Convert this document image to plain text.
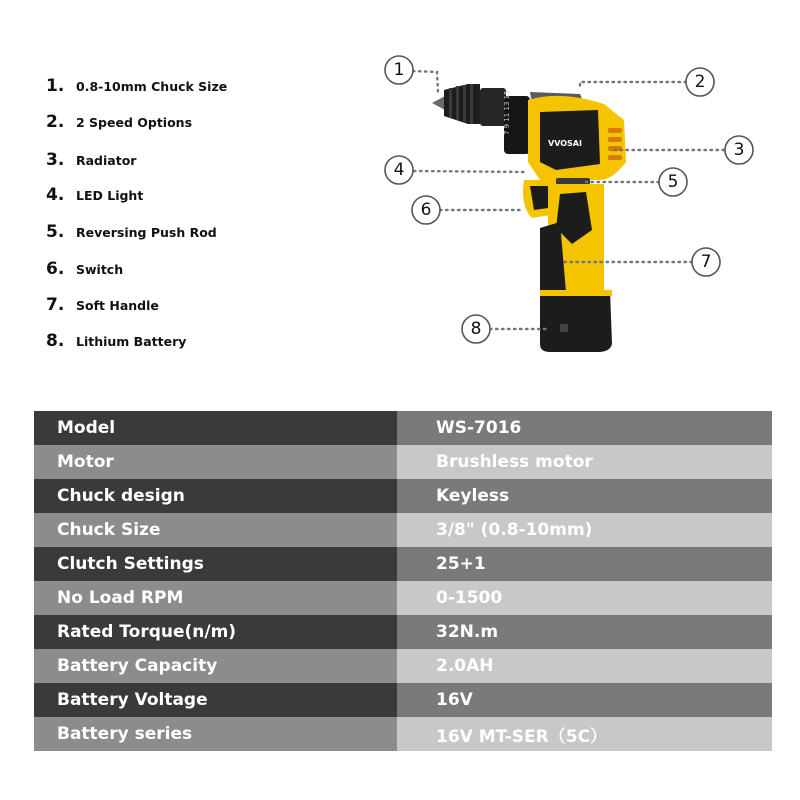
1. 0.8-10mm Chuck Size
2. 2 Speed Options
3. Radiator
4. LED Light
5. Reversing Push Rod
6. Switch
7. Soft Handle
8. Lithium Battery
7 9 11 13 15
VVOSAI
1
2
3
4
5
6
7
8
Model	WS-7016
Motor	Brushless motor
Chuck design	Keyless
Chuck Size	3/8" (0.8-10mm)
Clutch Settings	25+1
No Load RPM	0-1500
Rated Torque(n/m)	32N.m
Battery Capacity	2.0AH
Battery Voltage	16V
Battery series	16V MT-SER（5C）
